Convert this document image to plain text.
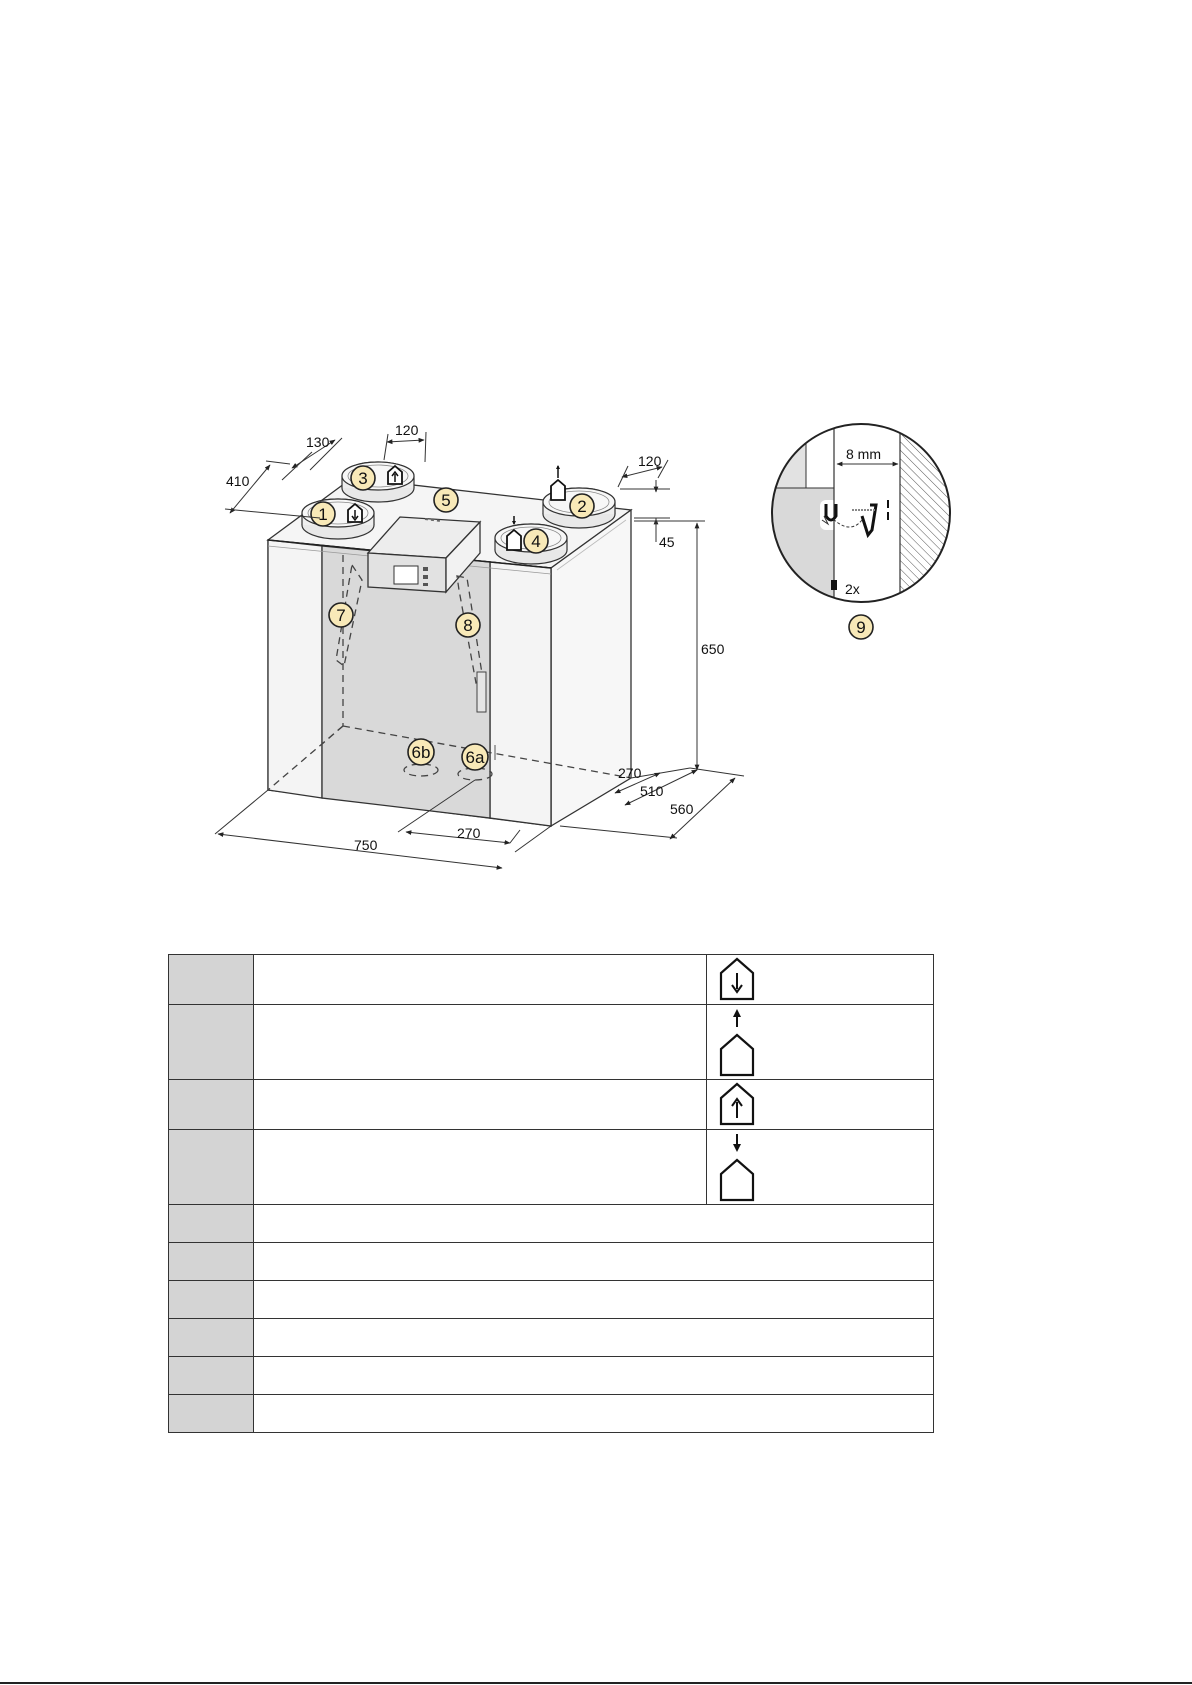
1
3
5	2
4
7
8
6b 6a
9
410
130
120
120
45
650
270
510
560
750
270
8 mm
2x
